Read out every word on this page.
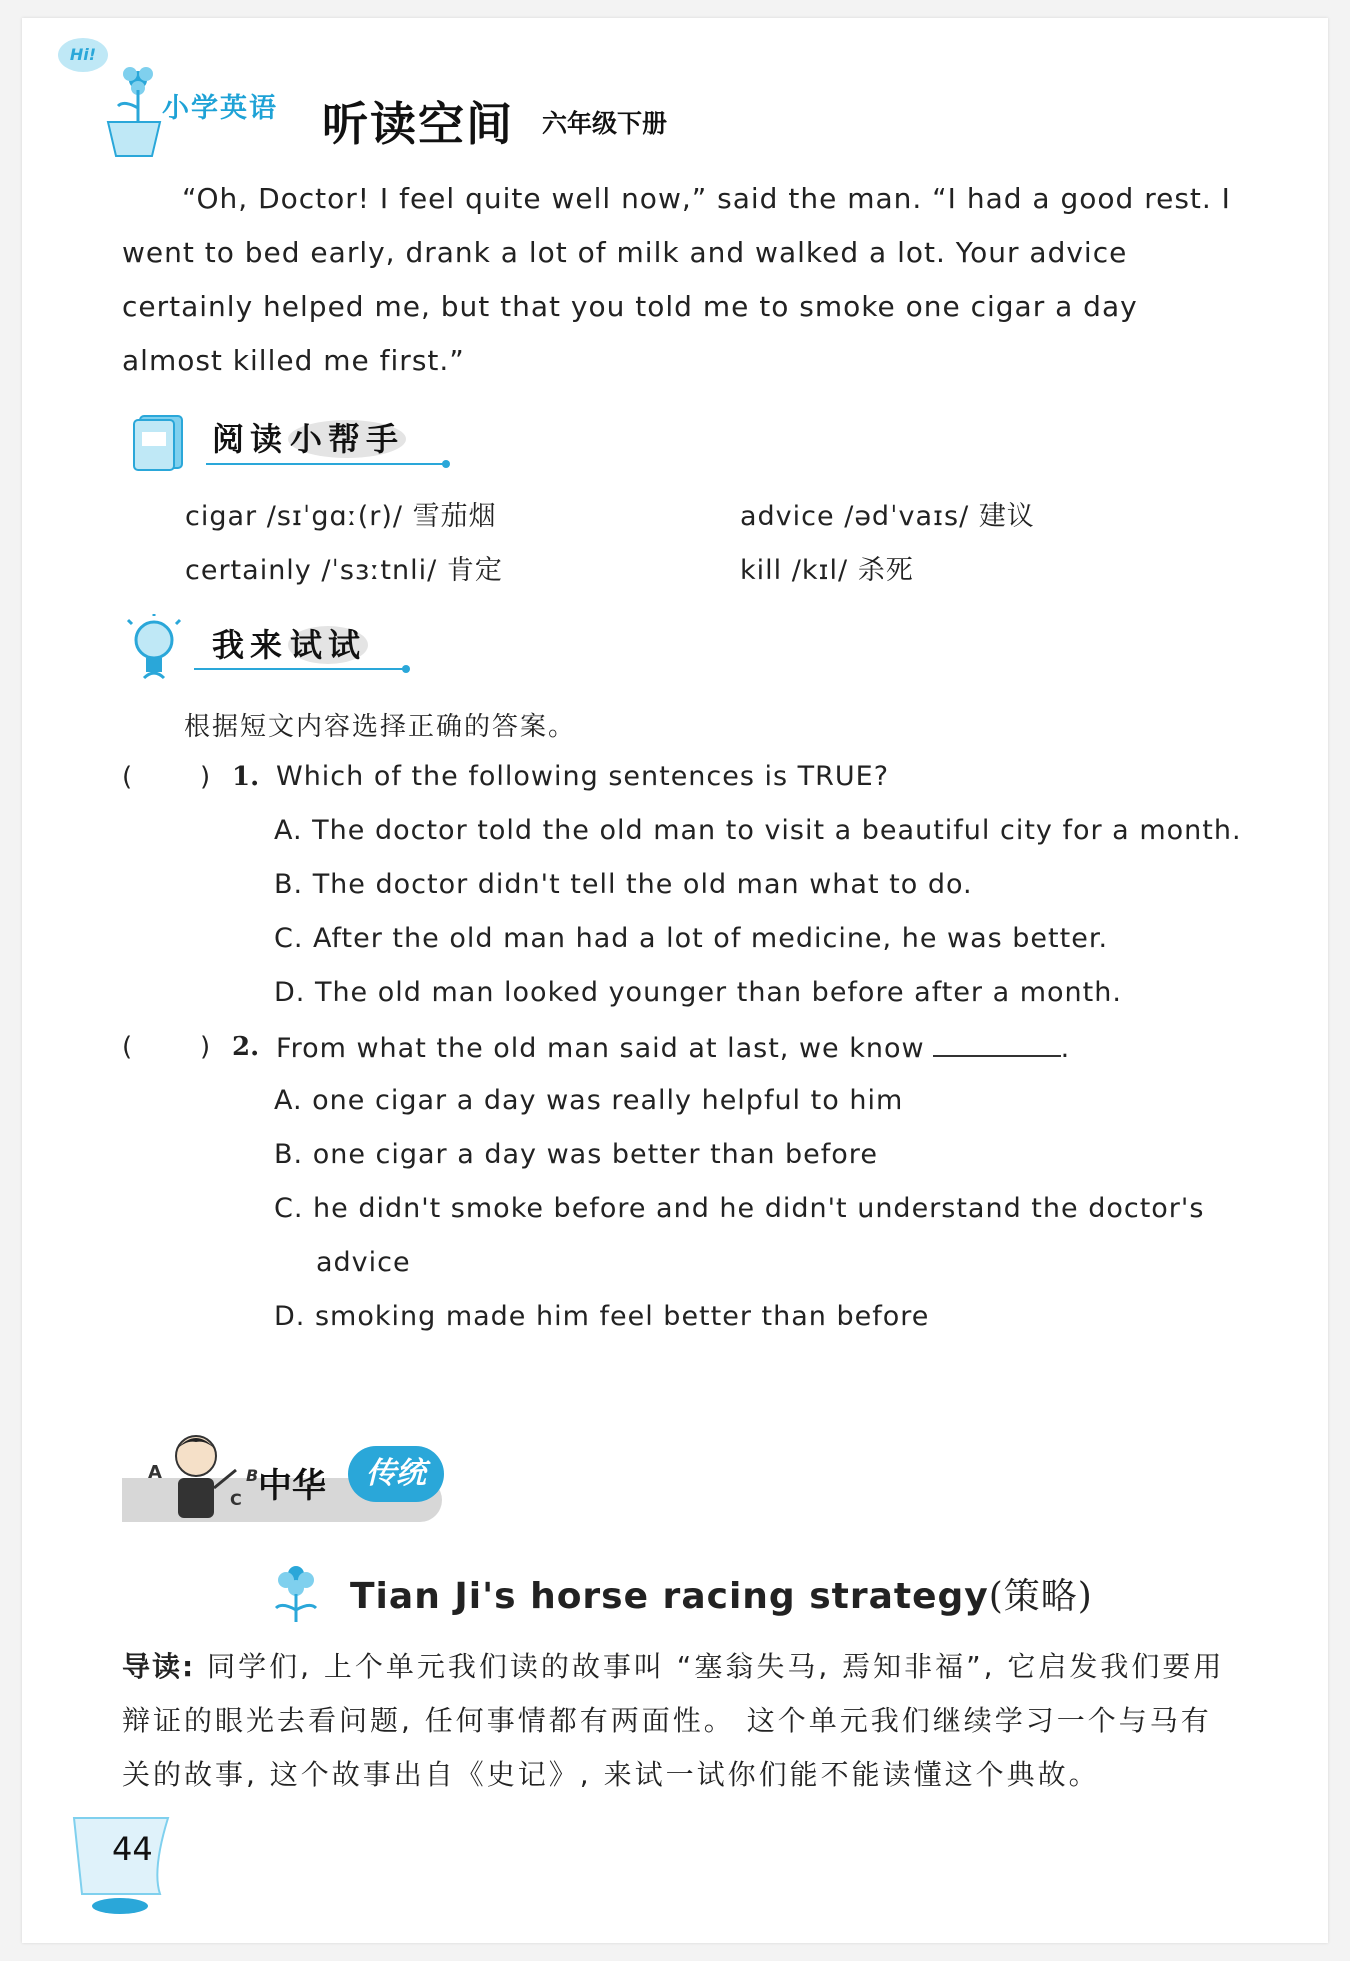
Hi!
小学英语 听读空间 六年级下册
“Oh, Doctor! I feel quite well now,” said the man. “I had a good rest. I went to bed early, drank a lot of milk and walked a lot. Your advice certainly helped me, but that you told me to smoke one cigar a day almost killed me first.”
阅读小帮手
cigar /sɪˈgɑː(r)/ 雪茄烟	advice /ədˈvaɪs/ 建议
certainly /ˈsɜːtnli/ 肯定	kill /kɪl/ 杀死
我来试试
根据短文内容选择正确的答案。
(	) 1. Which of the following sentences is TRUE?
A. The doctor told the old man to visit a beautiful city for a month.
B. The doctor didn't tell the old man what to do.
C. After the old man had a lot of medicine, he was better.
D. The old man looked younger than before after a month.
(	) 2. From what the old man said at last, we know	.
A. one cigar a day was really helpful to him
B. one cigar a day was better than before
C. he didn't smoke before and he didn't understand the doctor's
advice
D. smoking made him feel better than before
A	B
C 中华	传统
Tian Ji's horse racing strategy(策略)
导读: 同学们, 上个单元我们读的故事叫 “塞翁失马, 焉知非福”, 它启发我们要用辩证的眼光去看问题, 任何事情都有两面性。 这个单元我们继续学习一个与马有关的故事, 这个故事出自《史记》, 来试一试你们能不能读懂这个典故。
44
